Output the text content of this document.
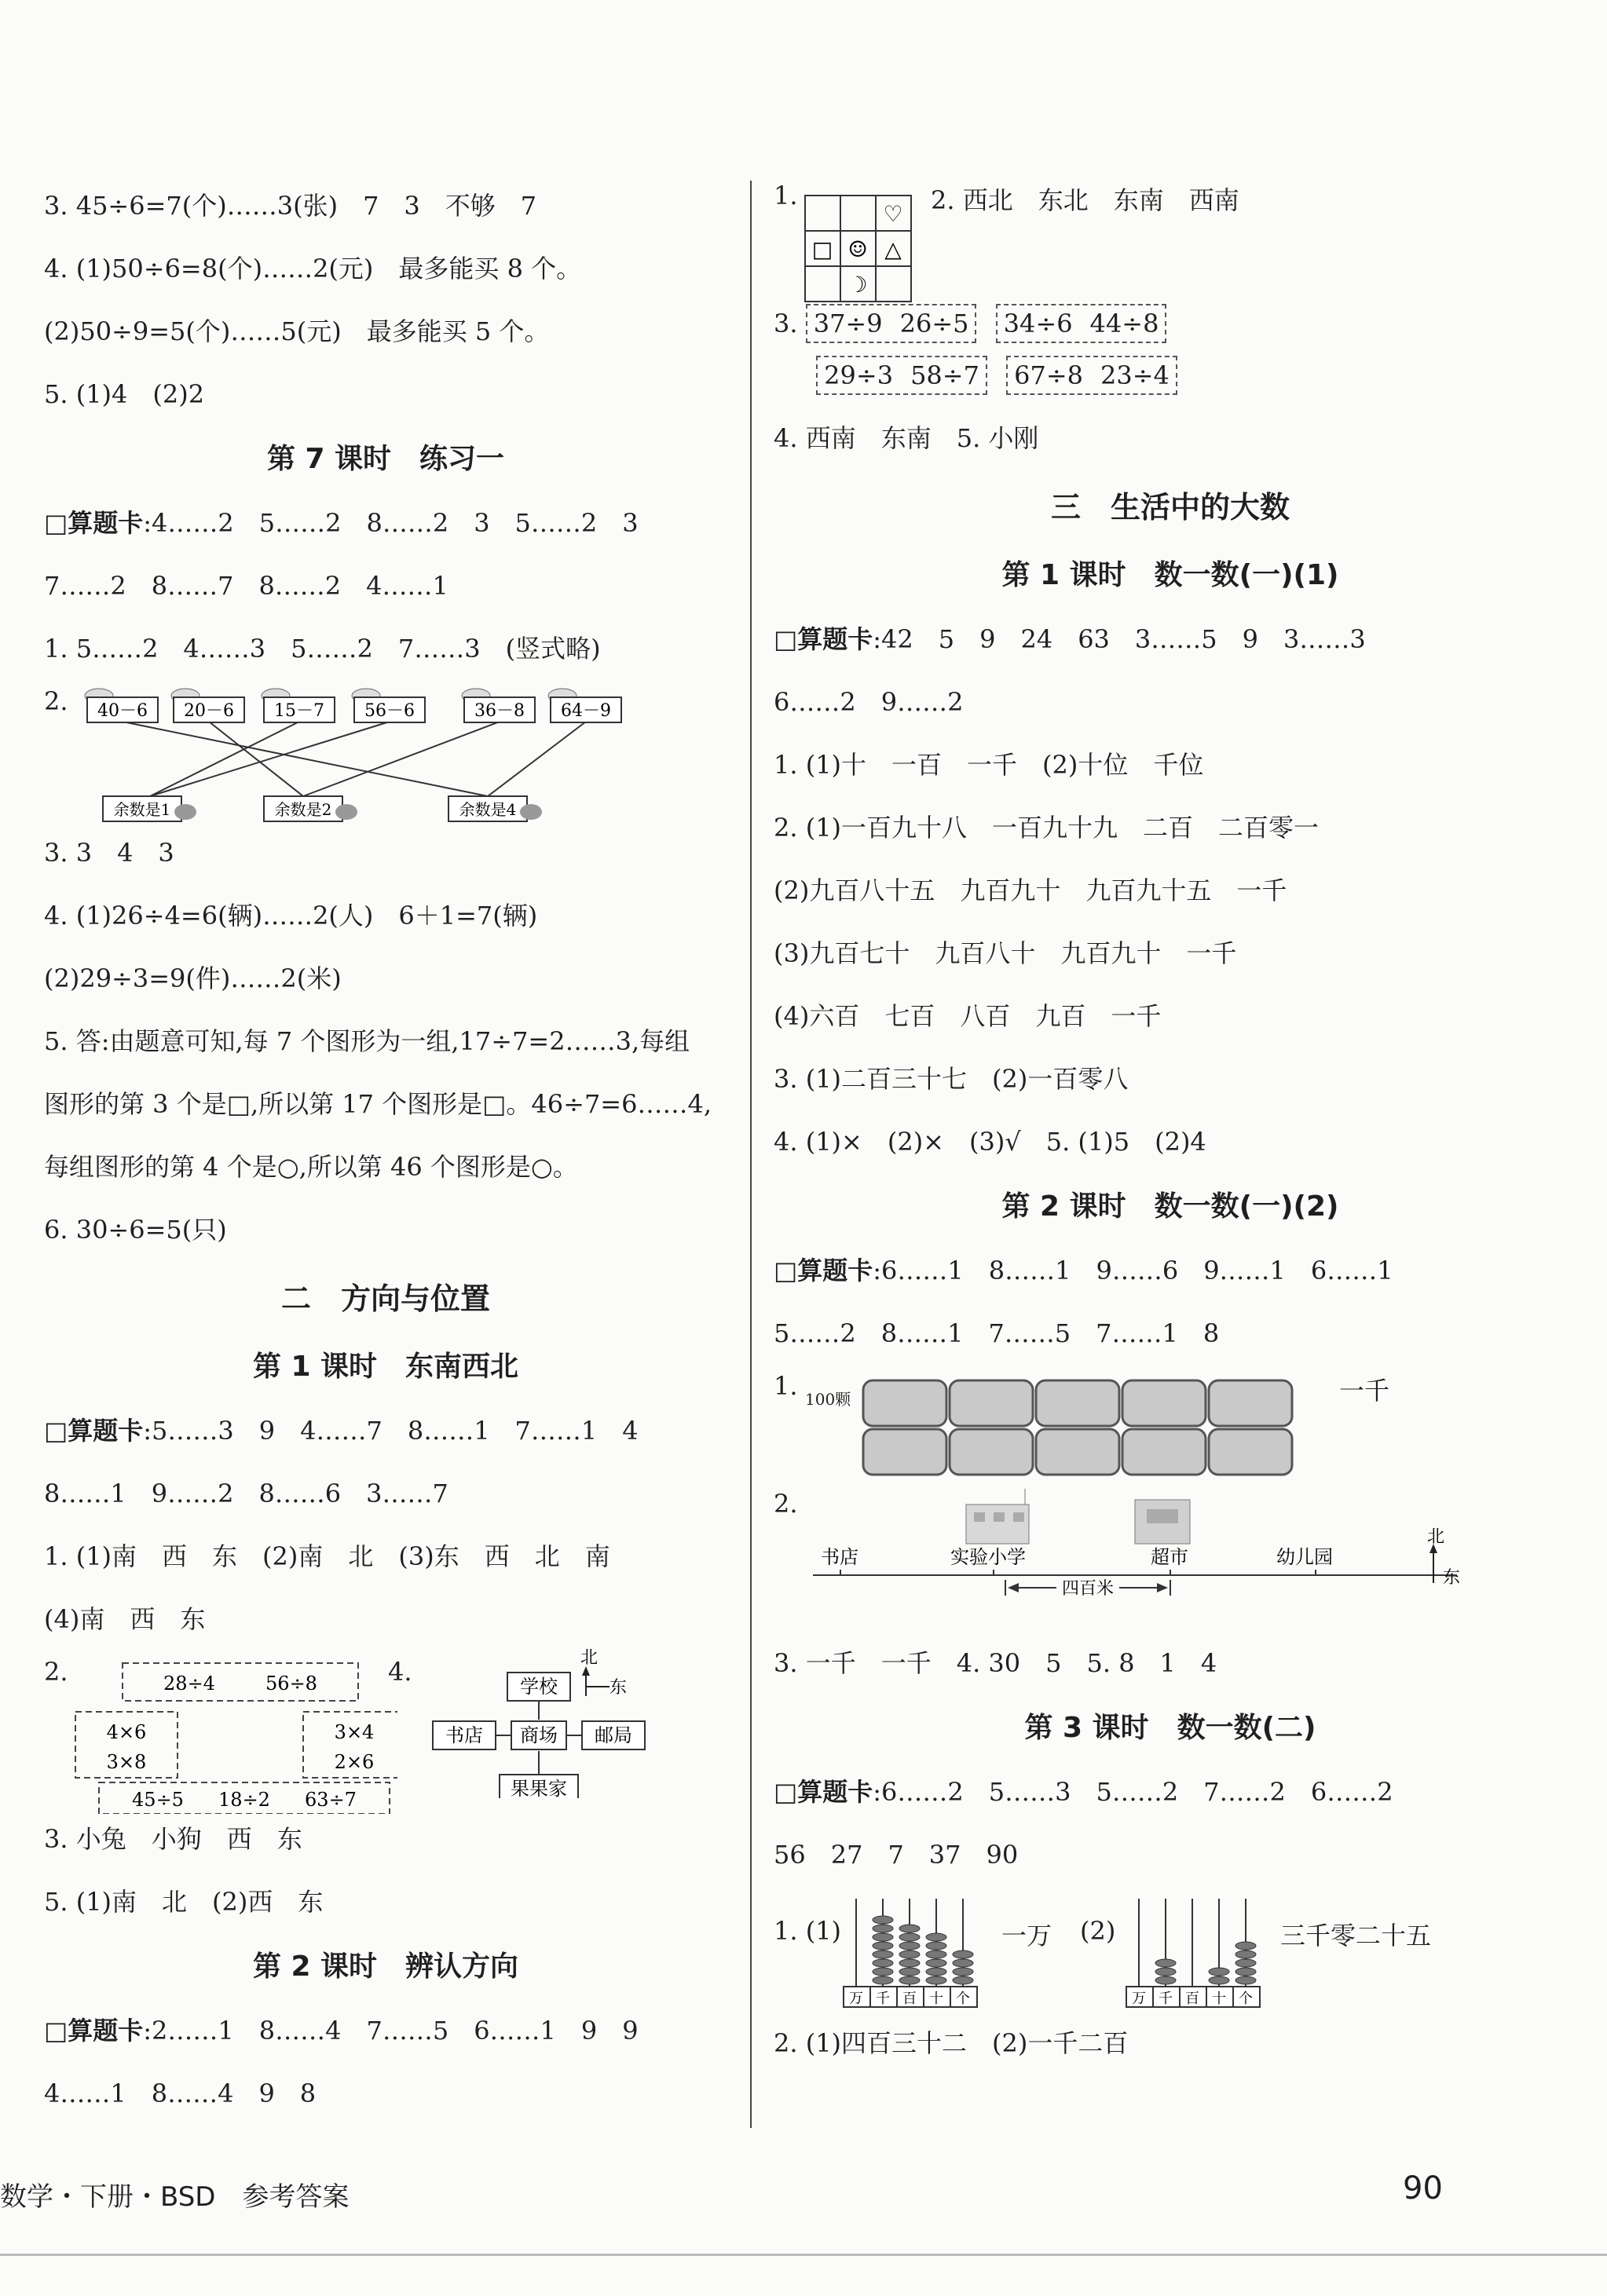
3. 45÷6=7(个)……3(张)　7　3　不够　7
4. (1)50÷6=8(个)……2(元)　最多能买 8 个。
(2)50÷9=5(个)……5(元)　最多能买 5 个。
5. (1)4　(2)2
第 7 课时　练习一
□算题卡:4……2　5……2　8……2　3　5……2　3
7……2　8……7　8……2　4……1
1. 5……2　4……3　5……2　7……3　(竖式略)
2. 40－6 20－6 15－7 56－6	36－8 64－9
余数是1	余数是2	余数是4
3. 3　4　3
4. (1)26÷4=6(辆)……2(人)　6＋1=7(辆)
(2)29÷3=9(件)……2(米)
5. 答:由题意可知,每 7 个图形为一组,17÷7=2……3,每组
图形的第 3 个是□,所以第 17 个图形是□。46÷7=6……4,
每组图形的第 4 个是○,所以第 46 个图形是○。
6. 30÷6=5(只)
二　方向与位置
第 1 课时　东南西北
□算题卡:5……3　9　4……7　8……1　7……1　4
8……1　9……2　8……6　3……7
1. (1)南　西　东　(2)南　北　(3)东　西　北　南
(4)南　西　东
2.	28÷4	56÷8
4×6
3×8
3×4
2×6
45÷5 18÷2 63÷7
4.	北
东
学校
书店 商场 邮局
果果家
3. 小兔　小狗　西　东
5. (1)南　北　(2)西　东
第 2 课时　辨认方向
□算题卡:2……1　8……4　7……5　6……1　9　9
4……1　8……4　9　8
1.
♡
□ ☺ △
☽
2. 西北　东北　东南　西南
3. 37÷9 26÷5 34÷6 44÷8
29÷3 58÷7 67÷8 23÷4
4. 西南　东南　5. 小刚
三　生活中的大数
第 1 课时　数一数(一)(1)
□算题卡:42　5　9　24　63　3……5　9　3……3
6……2　9……2
1. (1)十　一百　一千　(2)十位　千位
2. (1)一百九十八　一百九十九　二百　二百零一
(2)九百八十五　九百九十　九百九十五　一千
(3)九百七十　九百八十　九百九十　一千
(4)六百　七百　八百　九百　一千
3. (1)二百三十七　(2)一百零八
4. (1)×　(2)×　(3)√　5. (1)5　(2)4
第 2 课时　数一数(一)(2)
□算题卡:6……1　8……1　9……6　9……1　6……1
5……2　8……1　7……5　7……1　8
1. 100颗	一千
2.
书店	实验小学	超市	幼儿园
四百米
北
东
3. 一千　一千　4. 30　5　5. 8　1　4
第 3 课时　数一数(二)
□算题卡:6……2　5……3　5……2　7……2　6……2
56　27　7　37　90
1. (1)
万 千 百 十 个
一万 (2)
万 千 百 十 个
三千零二十五
2. (1)四百三十二　(2)一千二百
数学・下册・BSD　参考答案	90
